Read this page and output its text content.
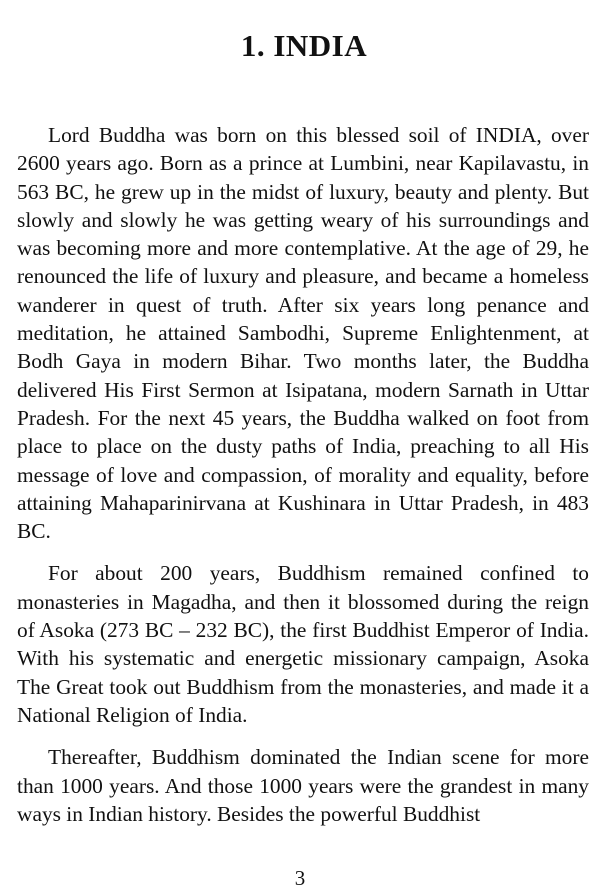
1. INDIA

Lord Buddha was born on this blessed soil of INDIA, over 2600 years ago. Born as a prince at Lumbini, near Kapilavastu, in 563 BC, he grew up in the midst of luxury, beauty and plenty. But slowly and slowly he was getting weary of his surroundings and was becoming more and more contemplative. At the age of 29, he renounced the life of luxury and pleasure, and became a homeless wanderer in quest of truth. After six years long penance and meditation, he attained Sambodhi, Supreme Enlightenment, at Bodh Gaya in modern Bihar. Two months later, the Buddha delivered His First Sermon at Isipatana, modern Sarnath in Uttar Pradesh. For the next 45 years, the Buddha walked on foot from place to place on the dusty paths of India, preaching to all His message of love and compassion, of morality and equality, before attaining Mahaparinirvana at Kushinara in Uttar Pradesh, in 483 BC.

For about 200 years, Buddhism remained confined to monasteries in Magadha, and then it blossomed during the reign of Asoka (273 BC – 232 BC), the first Buddhist Emperor of India. With his systematic and energetic missionary campaign, Asoka The Great took out Buddhism from the monasteries, and made it a National Religion of India.

Thereafter, Buddhism dominated the Indian scene for more than 1000 years. And those 1000 years were the grandest in many ways in Indian history. Besides the powerful Buddhist

3
